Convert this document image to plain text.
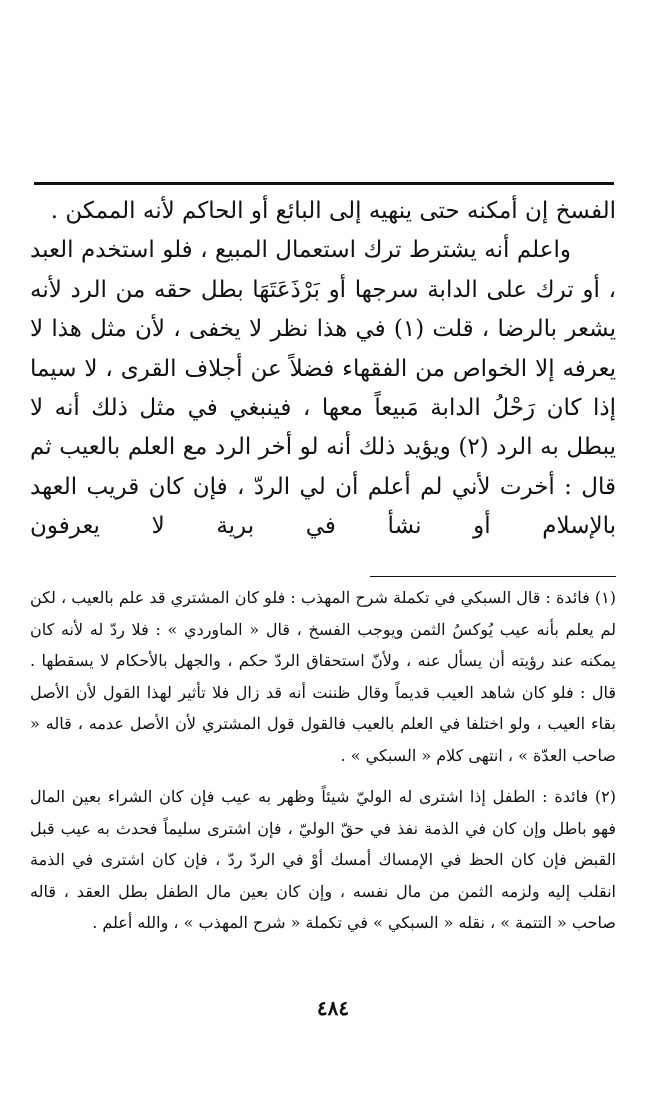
الفسخ إن أمكنه حتى ينهيه إلى البائع أو الحاكم لأنه الممكن .

واعلم أنه يشترط ترك استعمال المبيع ، فلو استخدم العبد ، أو ترك على الدابة سرجها أو بَرْذَعَتَهَا بطل حقه من الرد لأنه يشعر بالرضا ، قلت (١) في هذا نظر لا يخفى ، لأن مثل هذا لا يعرفه إلا الخواص من الفقهاء فضلاً عن أجلاف القرى ، لا سيما إذا كان رَحْلُ الدابة مَبيعاً معها ، فينبغي في مثل ذلك أنه لا يبطل به الرد (٢) ويؤيد ذلك أنه لو أخر الرد مع العلم بالعيب ثم قال : أخرت لأني لم أعلم أن لي الردّ ، فإن كان قريب العهد بالإسلام أو نشأ في برية لا يعرفون

(١) فائدة : قال السبكي في تكملة شرح المهذب : فلو كان المشتري قد علم بالعيب ، لكن لم يعلم بأنه عيب يُوكسُ الثمن ويوجب الفسخ ، قال « الماوردي » : فلا ردّ له لأنه كان يمكنه عند رؤيته أن يسأل عنه ، ولأنّ استحقاق الردّ حكم ، والجهل بالأحكام لا يسقطها . قال : فلو كان شاهد العيب قديماً وقال ظننت أنه قد زال فلا تأثير لهذا القول لأن الأصل بقاء العيب ، ولو اختلفا في العلم بالعيب فالقول قول المشتري لأن الأصل عدمه ، قاله « صاحب العدّة » ، انتهى كلام « السبكي » .

(٢) فائدة : الطفل إذا اشترى له الوليّ شيئاً وظهر به عيب فإن كان الشراء بعين المال فهو باطل وإن كان في الذمة نفذ في حقّ الوليّ ، فإن اشترى سليماً فحدث به عيب قبل القبض فإن كان الحظ في الإمساك أمسك أوْ في الردّ ردّ ، فإن كان اشترى في الذمة انقلب إليه ولزمه الثمن من مال نفسه ، وإن كان بعين مال الطفل بطل العقد ، قاله صاحب « التتمة » ، نقله « السبكي » في تكملة « شرح المهذب » ، والله أعلم .

٤٨٤
